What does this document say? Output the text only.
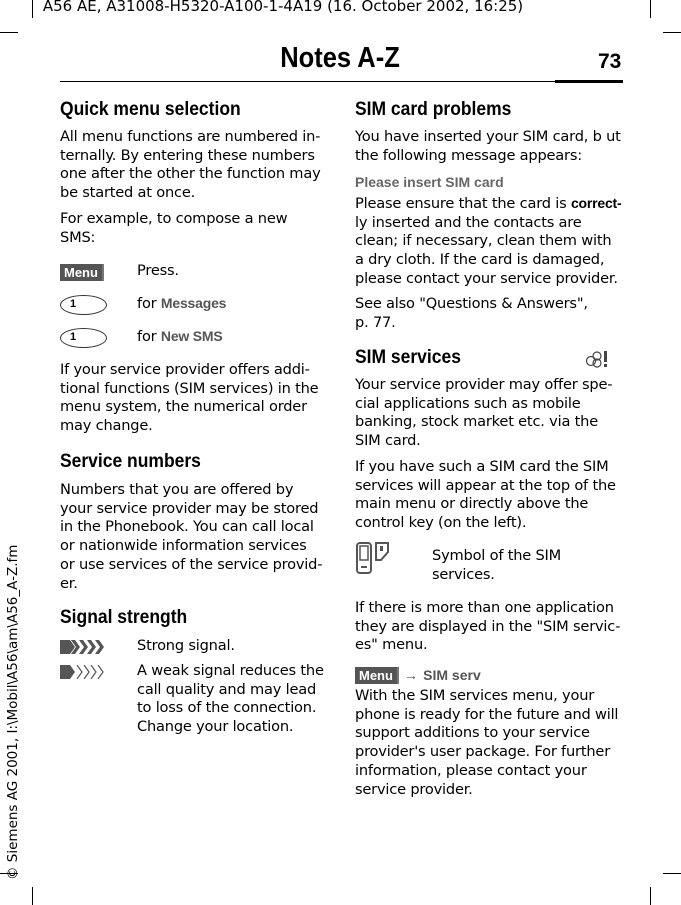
A56 AE, A31008-H5320-A100-1-4A19 (16. October 2002, 16:25)
Notes A-Z	73
© Siemens AG 2001, I:\Mobil\A56\am\A56_A-Z.fm
Quick menu selection
All menu functions are numbered in-
ternally. By entering these numbers
one after the other the function may
be started at once.
For example, to compose a new
SMS:
Menu	Press.
1	for Messages
1	for New SMS
If your service provider offers addi-
tional functions (SIM services) in the
menu system, the numerical order
may change.
Service numbers
Numbers that you are offered by
your service provider may be stored
in the Phonebook. You can call local
or nationwide information services
or use services of the service provid-
er.
Signal strength
Strong signal.
A weak signal reduces the
call quality and may lead
to loss of the connection.
Change your location.
SIM card problems
You have inserted your SIM card, b ut
the following message appears:
Please insert SIM card
Please ensure that the card is correct-
ly inserted and the contacts are
clean; if necessary, clean them with
a dry cloth. If the card is damaged,
please contact your service provider.
See also "Questions & Answers",
p. 77.
SIM services
Your service provider may offer spe-
cial applications such as mobile
banking, stock market etc. via the
SIM card.
If you have such a SIM card the SIM
services will appear at the top of the
main menu or directly above the
control key (on the left).
Symbol of the SIM
services.
If there is more than one application
they are displayed in the "SIM servic-
es" menu.
Menu → SIM serv
With the SIM services menu, your
phone is ready for the future and will
support additions to your service
provider's user package. For further
information, please contact your
service provider.
